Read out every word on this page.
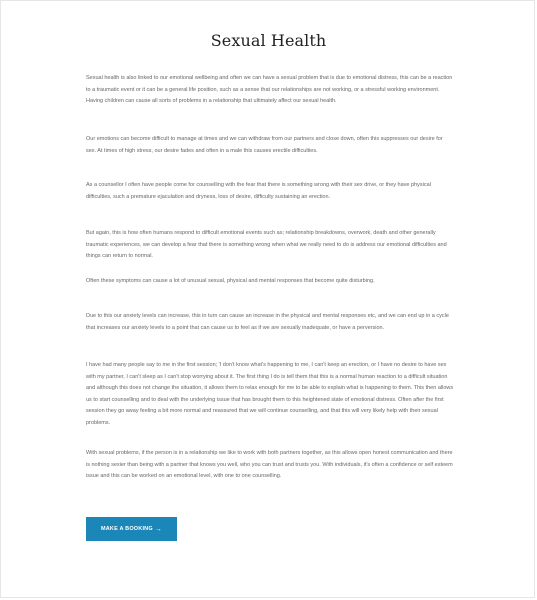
Sexual Health

Sexual health is also linked to our emotional wellbeing and often we can have a sexual problem that is due to emotional distress, this can be a reaction to a traumatic event or it can be a general life position, such as a sense that our relationships are not working, or a stressful working environment. Having children can cause all sorts of problems in a relationship that ultimately affect our sexual health.

Our emotions can become difficult to manage at times and we can withdraw from our partners and close down, often this suppresses our desire for sex. At times of high stress, our desire fades and often in a male this causes erectile difficulties.

As a counsellor I often have people come for counselling with the fear that there is something wrong with their sex drive, or they have physical difficulties, such a premature ejaculation and dryness, loss of desire, difficulty sustaining an erection.

But again, this is how often humans respond to difficult emotional events such as; relationship breakdowns, overwork, death and other generally traumatic experiences, we can develop a fear that there is something wrong when what we really need to do is address our emotional difficulties and things can return to normal.

Often these symptoms can cause a lot of unusual sexual, physical and mental responses that become quite disturbing.

Due to this our anxiety levels can increase, this in turn can cause an increase in the physical and mental responses etc, and we can end up in a cycle that increases our anxiety levels to a point that can cause us to feel as if we are sexually inadequate, or have a perversion.

I have had many people say to me in the first session; 'I don't know what's happening to me, I can't keep an erection, or I have no desire to have sex with my partner, I can't sleep as I can't stop worrying about it. The first thing I do is tell them that this is a normal human reaction to a difficult situation and although this does not change the situation, it allows them to relax enough for me to be able to explain what is happening to them. This then allows us to start counselling and to deal with the underlying issue that has brought them to this heightened state of emotional distress. Often after the first session they go away feeling a bit more normal and reassured that we will continue counselling, and that this will very likely help with their sexual problems.

With sexual problems, if the person is in a relationship we like to work with both partners together, as this allows open honest communication and there is nothing sexier than being with a partner that knows you well, who you can trust and trusts you. With individuals, it's often a confidence or self esteem issue and this can be worked on an emotional level, with one to one counselling.

MAKE A BOOKING →
